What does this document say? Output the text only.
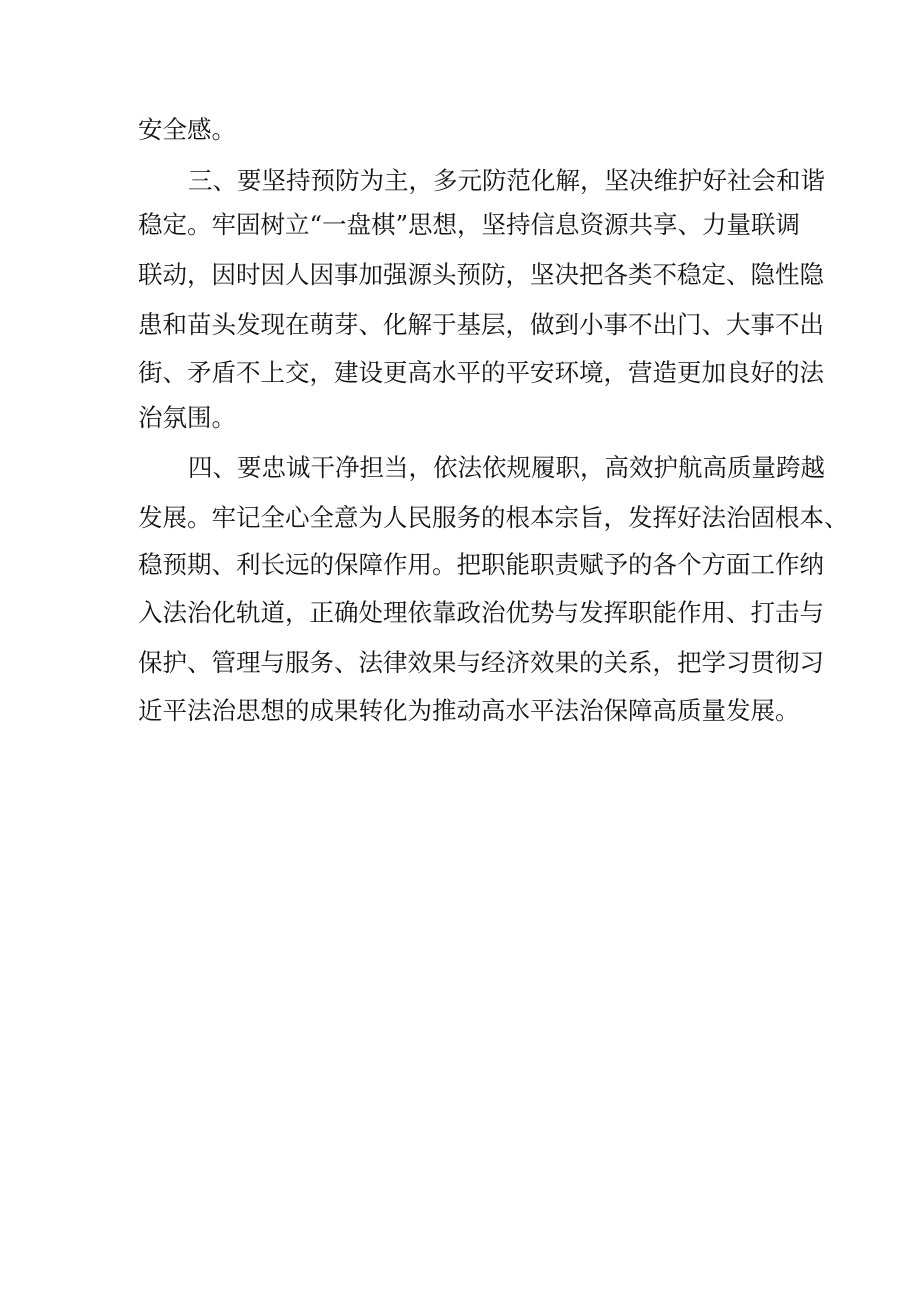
安全感。
三、要坚持预防为主，多元防范化解，坚决维护好社会和谐
稳定。牢固树立“一盘棋”思想，坚持信息资源共享、力量联调
联动，因时因人因事加强源头预防，坚决把各类不稳定、隐性隐
患和苗头发现在萌芽、化解于基层，做到小事不出门、大事不出
街、矛盾不上交，建设更高水平的平安环境，营造更加良好的法
治氛围。
四、要忠诚干净担当，依法依规履职，高效护航高质量跨越
发展。牢记全心全意为人民服务的根本宗旨，发挥好法治固根本、
稳预期、利长远的保障作用。把职能职责赋予的各个方面工作纳
入法治化轨道，正确处理依靠政治优势与发挥职能作用、打击与
保护、管理与服务、法律效果与经济效果的关系，把学习贯彻习
近平法治思想的成果转化为推动高水平法治保障高质量发展。
